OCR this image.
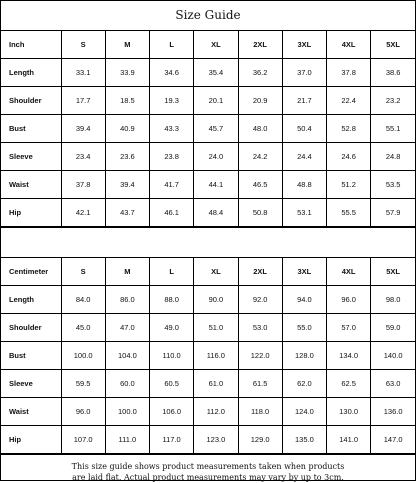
Size Guide
Inch	S	M	L	XL	2XL	3XL	4XL	5XL
Length	33.1	33.9	34.6	35.4	36.2	37.0	37.8	38.6
Shoulder	17.7	18.5	19.3	20.1	20.9	21.7	22.4	23.2
Bust	39.4	40.9	43.3	45.7	48.0	50.4	52.8	55.1
Sleeve	23.4	23.6	23.8	24.0	24.2	24.4	24.6	24.8
Waist	37.8	39.4	41.7	44.1	46.5	48.8	51.2	53.5
Hip	42.1	43.7	46.1	48.4	50.8	53.1	55.5	57.9
Centimeter	S	M	L	XL	2XL	3XL	4XL	5XL
Length	84.0	86.0	88.0	90.0	92.0	94.0	96.0	98.0
Shoulder	45.0	47.0	49.0	51.0	53.0	55.0	57.0	59.0
Bust	100.0	104.0	110.0	116.0	122.0	128.0	134.0	140.0
Sleeve	59.5	60.0	60.5	61.0	61.5	62.0	62.5	63.0
Waist	96.0	100.0	106.0	112.0	118.0	124.0	130.0	136.0
Hip	107.0	111.0	117.0	123.0	129.0	135.0	141.0	147.0
This size guide shows product measurements taken when products
are laid flat. Actual product measurements may vary by up to 3cm.
